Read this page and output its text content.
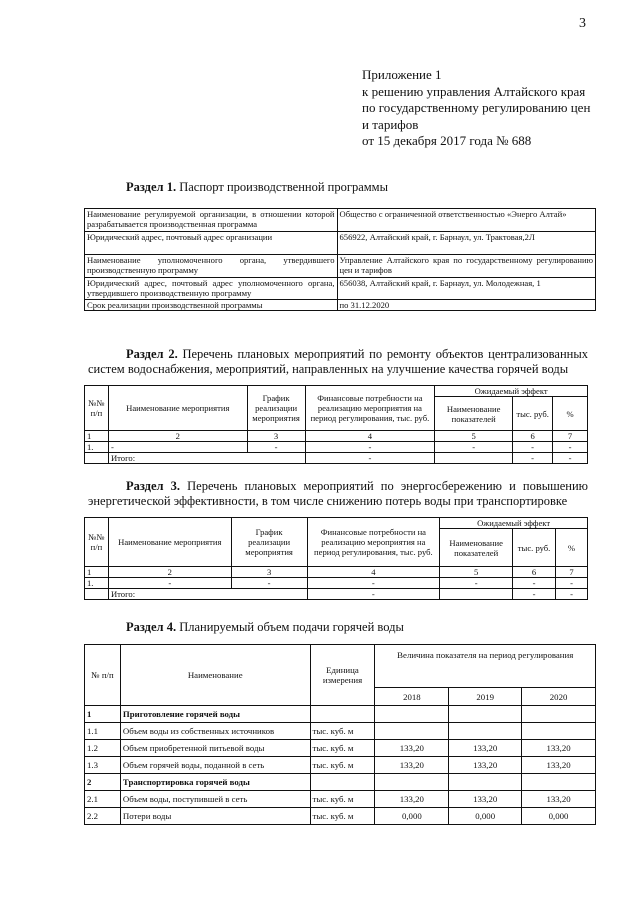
3
Приложение 1
к решению управления Алтайского края
по государственному регулированию цен
и тарифов
от 15 декабря 2017 года № 688
Раздел 1. Паспорт производственной программы
Наименование регулируемой организации, в отношении которой разрабатывается производственная программа	Общество с ограниченной ответственностью «Энерго Алтай»
Юридический адрес, почтовый адрес организации	656922, Алтайский край, г. Барнаул, ул. Трактовая,2Л
Наименование уполномоченного органа, утвердившего производственную программу	Управление Алтайского края по государственному регулированию цен и тарифов
Юридический адрес, почтовый адрес уполномоченного органа, утвердившего производственную программу	656038, Алтайский край, г. Барнаул, ул. Молодежная, 1
Срок реализации производственной программы	по 31.12.2020
Раздел 2. Перечень плановых мероприятий по ремонту объектов централизованных систем водоснабжения, мероприятий, направленных на улучшение качества горячей воды
№№ п/п	Наименование мероприятия	График реализации мероприятия	Финансовые потребности на реализацию мероприятия на период регулирования, тыс. руб.	Ожидаемый эффект		
				Наименование показателей	тыс. руб.	%
1	2	3	4	5	6	7
1.	-	-	-	-	-	-
	Итого:		-		-	-
Раздел 3. Перечень плановых мероприятий по энергосбережению и повышению энергетической эффективности, в том числе снижению потерь воды при транспортировке
№№ п/п	Наименование мероприятия	График реализации мероприятия	Финансовые потребности на реализацию мероприятия на период регулирования, тыс. руб.	Ожидаемый эффект		
				Наименование показателей	тыс. руб.	%
1	2	3	4	5	6	7
1.	-	-	-	-	-	-
	Итого:		-		-	-
Раздел 4. Планируемый объем подачи горячей воды
№ п/п	Наименование	Единица измерения	Величина показателя на период регулирования		
			2018	2019	2020
1	Приготовление горячей воды				
1.1	Объем воды из собственных источников	тыс. куб. м			
1.2	Объем приобретенной питьевой воды	тыс. куб. м	133,20	133,20	133,20
1.3	Объем горячей воды, поданной в сеть	тыс. куб. м	133,20	133,20	133,20
2	Транспортировка горячей воды				
2.1	Объем воды, поступившей в сеть	тыс. куб. м	133,20	133,20	133,20
2.2	Потери воды	тыс. куб. м	0,000	0,000	0,000
